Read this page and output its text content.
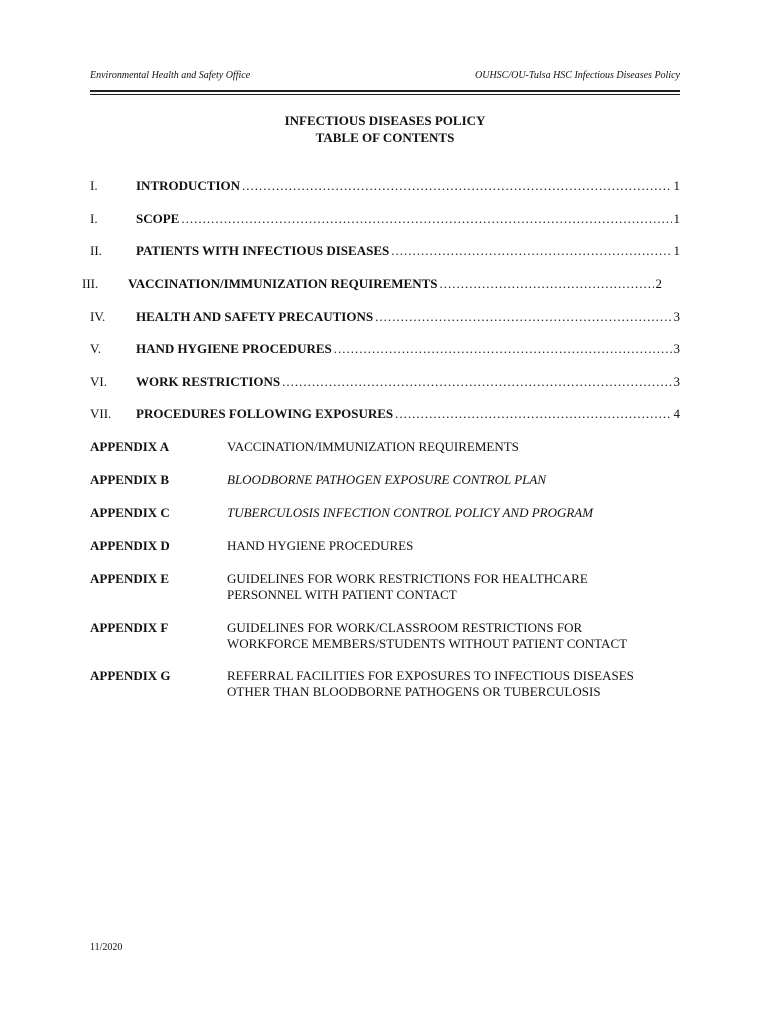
Environmental Health and Safety Office	OUHSC/OU-Tulsa HSC Infectious Diseases Policy
INFECTIOUS DISEASES POLICY
TABLE OF CONTENTS
I.	INTRODUCTION .....	1
I.	SCOPE .....	1
II.	PATIENTS WITH INFECTIOUS DISEASES .....	1
III. VACCINATION/IMMUNIZATION REQUIREMENTS .....	2
IV. HEALTH AND SAFETY PRECAUTIONS .....	3
V.	HAND HYGIENE PROCEDURES .....	3
VI. WORK RESTRICTIONS .....	3
VII. PROCEDURES FOLLOWING EXPOSURES .....	4
APPENDIX A	VACCINATION/IMMUNIZATION REQUIREMENTS
APPENDIX B	BLOODBORNE PATHOGEN EXPOSURE CONTROL PLAN
APPENDIX C	TUBERCULOSIS INFECTION CONTROL POLICY AND PROGRAM
APPENDIX D	HAND HYGIENE PROCEDURES
APPENDIX E	GUIDELINES FOR WORK RESTRICTIONS FOR HEALTHCARE
PERSONNEL WITH PATIENT CONTACT
APPENDIX F	GUIDELINES FOR WORK/CLASSROOM RESTRICTIONS FOR
WORKFORCE MEMBERS/STUDENTS WITHOUT PATIENT CONTACT
APPENDIX G	REFERRAL FACILITIES FOR EXPOSURES TO INFECTIOUS DISEASES
OTHER THAN BLOODBORNE PATHOGENS OR TUBERCULOSIS
11/2020
